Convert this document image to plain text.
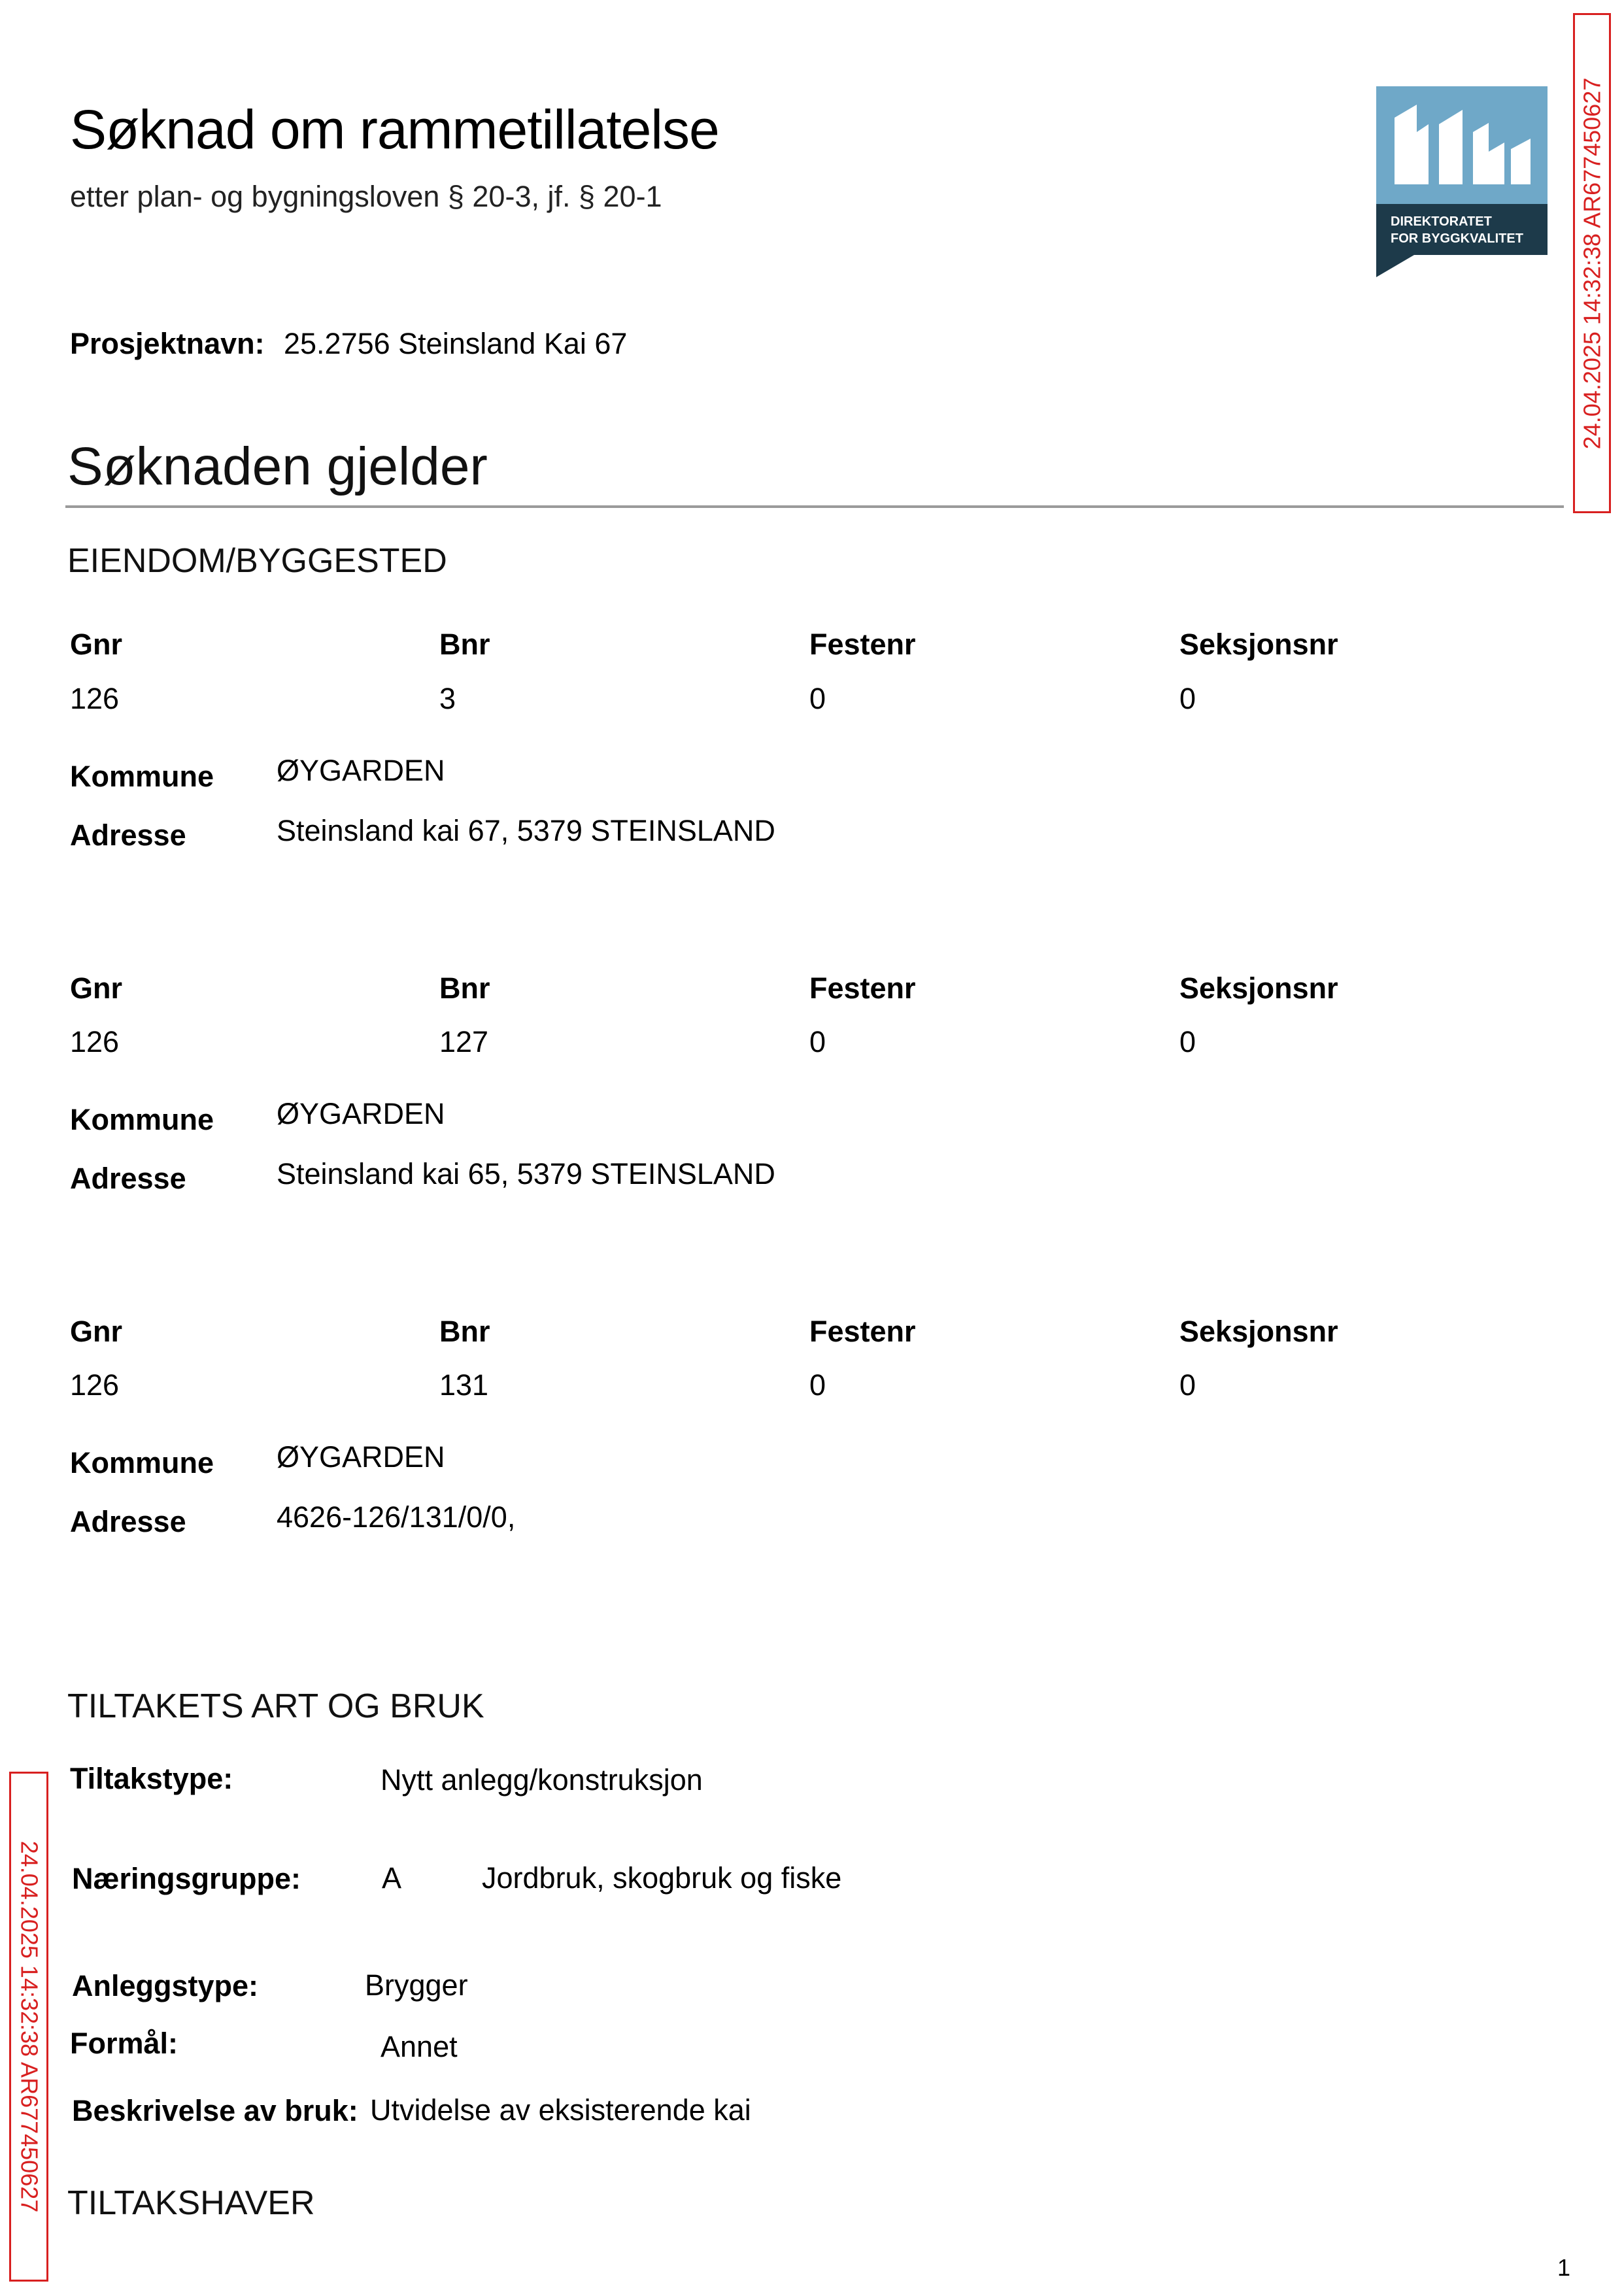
Søknad om rammetillatelse
etter plan- og bygningsloven § 20-3, jf. § 20-1
DIREKTORATET
FOR BYGGKVALITET
Prosjektnavn: 25.2756 Steinsland Kai 67
Søknaden gjelder
EIENDOM/BYGGESTED
Gnr	Bnr	Festenr	Seksjonsnr
126	3	0	0
Kommune ØYGARDEN
Adresse	Steinsland kai 67, 5379 STEINSLAND
Gnr	Bnr	Festenr	Seksjonsnr
126	127	0	0
Kommune ØYGARDEN
Adresse	Steinsland kai 65, 5379 STEINSLAND
Gnr	Bnr	Festenr	Seksjonsnr
126	131	0	0
Kommune ØYGARDEN
Adresse	4626-126/131/0/0,
TILTAKETS ART OG BRUK
Tiltakstype:	Nytt anlegg/konstruksjon
Næringsgruppe:	A	Jordbruk, skogbruk og fiske
Anleggstype:	Brygger
Formål:	Annet
Beskrivelse av bruk: Utvidelse av eksisterende kai
TILTAKSHAVER
24.04.2025 14:32:38 AR677450627
24.04.2025 14:32:38 AR677450627
1
